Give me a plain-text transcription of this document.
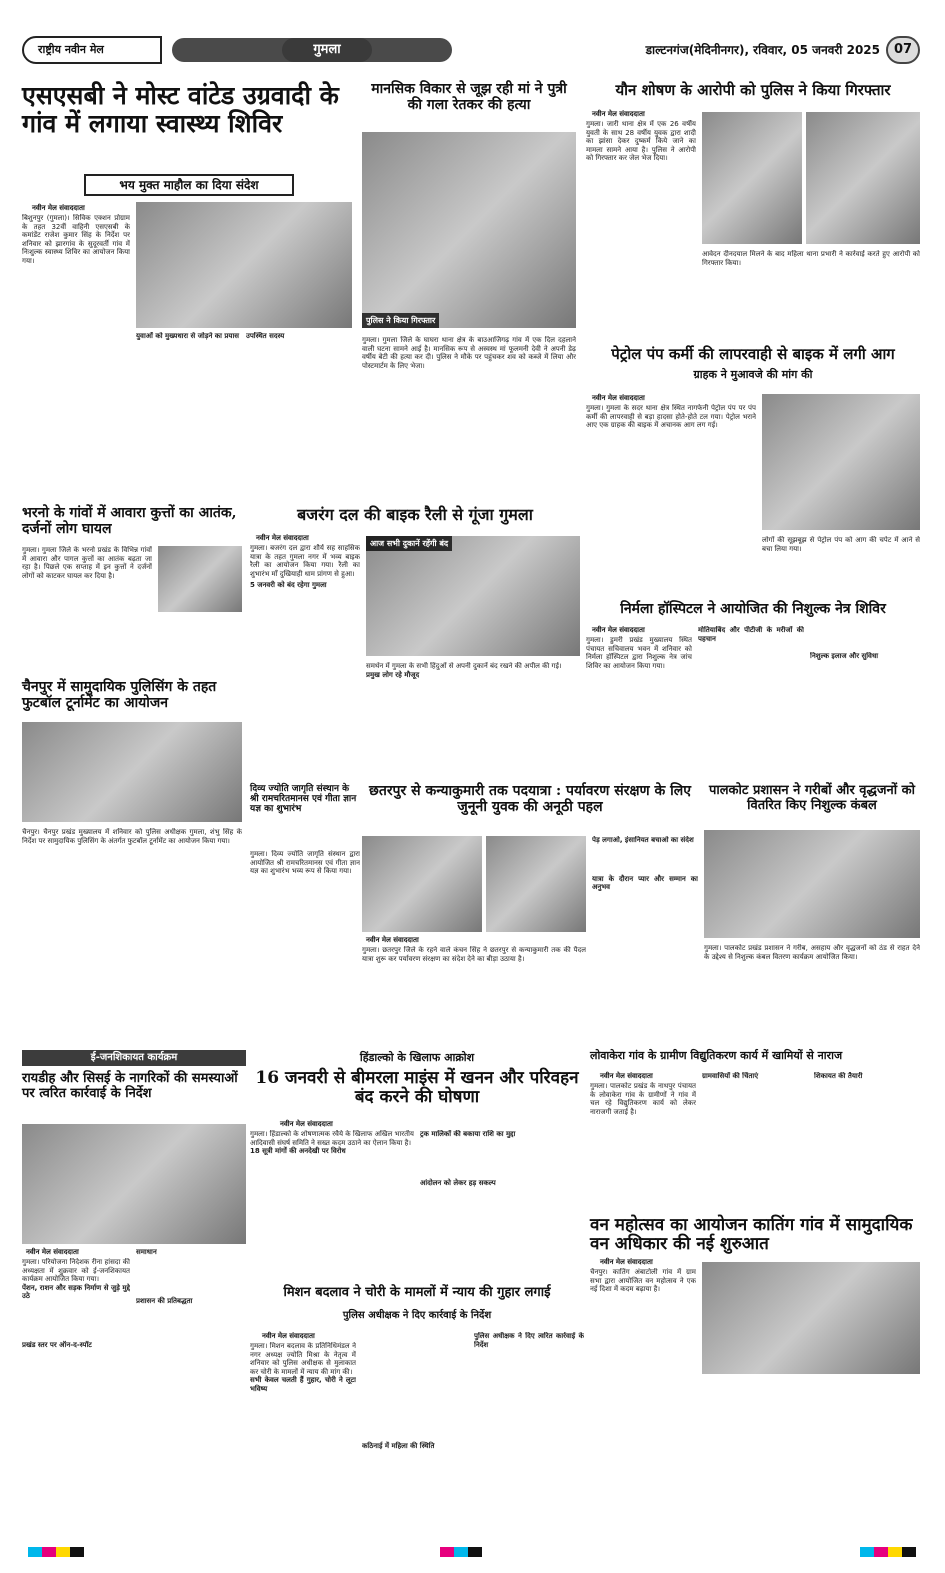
राष्ट्रीय नवीन मेल	गुमला	डाल्टनगंज(मेदिनीनगर), रविवार, 05 जनवरी 2025	07
एसएसबी ने मोस्ट वांटेड उग्रवादी के गांव में लगाया स्वास्थ्य शिविर
भय मुक्त माहौल का दिया संदेश
नवीन मेल संवाददाता
बिशुनपुर (गुमला)। सिविक एक्शन प्रोग्राम के तहत 32वीं वाहिनी एसएसबी के कमांडेंट राजेश कुमार सिंह के निर्देश पर शनिवार को झारगांव के सुदूरवर्ती गांव में निःशुल्क स्वास्थ्य शिविर का आयोजन किया गया।
युवाओं को मुख्यधारा से जोड़ने का प्रयास उपस्थित सदस्य
मानसिक विकार से जूझ रही मां ने पुत्री की गला रेतकर की हत्या
पुलिस ने किया गिरफ्तार
गुमला। गुमला जिले के घाघरा थाना क्षेत्र के बाउआजिगढ़ गांव में एक दिल दहलाने वाली घटना सामने आई है। मानसिक रूप से अस्वस्थ मां फूलमनी देवी ने अपनी डेढ़ वर्षीय बेटी की हत्या कर दी। पुलिस ने मौके पर पहुंचकर शव को कब्जे में लिया और पोस्टमार्टम के लिए भेजा।
यौन शोषण के आरोपी को पुलिस ने किया गिरफ्तार
नवीन मेल संवाददाता
गुमला। जारी थाना क्षेत्र में एक 26 वर्षीय युवती के साथ 28 वर्षीय युवक द्वारा शादी का झांसा देकर दुष्कर्म किये जाने का मामला सामने आया है। पुलिस ने आरोपी को गिरफ्तार कर जेल भेज दिया।
आवेदन दीनदयाल मिलने के बाद महिला थाना प्रभारी ने कार्रवाई करते हुए आरोपी को गिरफ्तार किया।
पेट्रोल पंप कर्मी की लापरवाही से बाइक में लगी आग
ग्राहक ने मुआवजे की मांग की
नवीन मेल संवाददाता
गुमला। गुमला के सदर थाना क्षेत्र स्थित नागफेनी पेट्रोल पंप पर पंप कर्मी की लापरवाही से बड़ा हादसा होते-होते टल गया। पेट्रोल भराने आए एक ग्राहक की बाइक में अचानक आग लग गई।
लोगों की सूझबूझ से पेट्रोल पंप को आग की चपेट में आने से बचा लिया गया।
भरनो के गांवों में आवारा कुत्तों का आतंक, दर्जनों लोग घायल
गुमला। गुमला जिले के भरनो प्रखंड के विभिन्न गांवों में आवारा और पागल कुत्तों का आतंक बढ़ता जा रहा है। पिछले एक सप्ताह में इन कुत्तों ने दर्जनों लोगों को काटकर घायल कर दिया है।
बजरंग दल की बाइक रैली से गूंजा गुमला
नवीन मेल संवाददाता
गुमला। बजरंग दल द्वारा शौर्य सह साहसिक यात्रा के तहत गुमला नगर में भव्य बाइक रैली का आयोजन किया गया। रैली का शुभारंभ माँ दुखियाही धाम प्रांगण से हुआ।
5 जनवरी को बंद रहेगा गुमला
आज सभी दुकानें रहेंगी बंद
समर्थन में गुमला के सभी हिंदुओं से अपनी दुकानें बंद रखने की अपील की गई।
प्रमुख लोग रहे मौजूद
चैनपुर में सामुदायिक पुलिसिंग के तहत फुटबॉल टूर्नामेंट का आयोजन
चैनपुर। चैनपुर प्रखंड मुख्यालय में शनिवार को पुलिस अधीक्षक गुमला, शंभु सिंह के निर्देश पर सामुदायिक पुलिसिंग के अंतर्गत फुटबॉल टूर्नामेंट का आयोजन किया गया।
दिव्य ज्योति जागृति संस्थान के श्री रामचरितमानस एवं गीता ज्ञान यज्ञ का शुभारंभ
गुमला। दिव्य ज्योति जागृति संस्थान द्वारा आयोजित श्री रामचरितमानस एवं गीता ज्ञान यज्ञ का शुभारंभ भव्य रूप से किया गया।
छतरपुर से कन्याकुमारी तक पदयात्रा : पर्यावरण संरक्षण के लिए जुनूनी युवक की अनूठी पहल
नवीन मेल संवाददाता
गुमला। छतरपुर जिले के रहने वाले कंचन सिंह ने छतरपुर से कन्याकुमारी तक की पैदल यात्रा शुरू कर पर्यावरण संरक्षण का संदेश देने का बीड़ा उठाया है।
पेड़ लगाओ, इंसानियत बचाओ का संदेश
यात्रा के दौरान प्यार और सम्मान का अनुभव
निर्मला हॉस्पिटल ने आयोजित की निशुल्क नेत्र शिविर
नवीन मेल संवाददाता
गुमला। डुमरी प्रखंड मुख्यालय स्थित पंचायत सचिवालय भवन में शनिवार को निर्मला हॉस्पिटल द्वारा निशुल्क नेत्र जांच शिविर का आयोजन किया गया।
मोतियाबिंद और पीटीजी के मरीजों की पहचान
निशुल्क इलाज और सुविधा
पालकोट प्रशासन ने गरीबों और वृद्धजनों को वितरित किए निशुल्क कंबल
गुमला। पालकोट प्रखंड प्रशासन ने गरीब, असहाय और वृद्धजनों को ठंड से राहत देने के उद्देश्य से निशुल्क कंबल वितरण कार्यक्रम आयोजित किया।
ई-जनशिकायत कार्यक्रम
रायडीह और सिसई के नागरिकों की समस्याओं पर त्वरित कार्रवाई के निर्देश
नवीन मेल संवाददाता
गुमला। परियोजना निदेशक रीना हांसदा की अध्यक्षता में शुक्रवार को ई-जनशिकायत कार्यक्रम आयोजित किया गया।
पेंशन, राशन और सड़क निर्माण से जुड़े मुद्दे उठे
प्रखंड स्तर पर ऑन-द-स्पॉट
समाधान
प्रशासन की प्रतिबद्धता
हिंडाल्को के खिलाफ आक्रोश
16 जनवरी से बीमरला माइंस में खनन और परिवहन बंद करने की घोषणा
नवीन मेल संवाददाता
गुमला। हिंडाल्को के शोषणात्मक रवैये के खिलाफ अखिल भारतीय आदिवासी संघर्ष समिति ने सख्त कदम उठाने का ऐलान किया है।
18 सूत्री मांगों की अनदेखी पर विरोध
ट्रक मालिकों की बकाया राशि का मुद्दा
आंदोलन को लेकर हड़ सकल्प
लोवाकेरा गांव के ग्रामीण विद्युतिकरण कार्य में खामियों से नाराज
नवीन मेल संवाददाता
गुमला। पालकोट प्रखंड के नाथपुर पंचायत के लोवाकेरा गांव के ग्रामीणों ने गांव में चल रहे विद्युतिकरण कार्य को लेकर नाराजगी जताई है।
ग्रामवासियों की चिंताएं	शिकायत की तैयारी
मिशन बदलाव ने चोरी के मामलों में न्याय की गुहार लगाई
पुलिस अधीक्षक ने दिए कार्रवाई के निर्देश
नवीन मेल संवाददाता
गुमला। मिशन बदलाव के प्रतिनिधिमंडल ने नगर अध्यक्ष ज्योति मिश्रा के नेतृत्व में शनिवार को पुलिस अधीक्षक से मुलाकात कर चोरी के मामलों में न्याय की मांग की।
सभी केवल चलती हैं गुहार, चोरी ने लूटा भविष्य
कठिनाई में महिला की स्थिति
पुलिस अधीक्षक ने दिए त्वरित कार्रवाई के निर्देश
वन महोत्सव का आयोजन कातिंग गांव में सामुदायिक वन अधिकार की नई शुरुआत
नवीन मेल संवाददाता
चैनपुर। कातिंग अंबाटोली गांव में ग्राम सभा द्वारा आयोजित वन महोत्सव ने एक नई दिशा में कदम बढ़ाया है।
